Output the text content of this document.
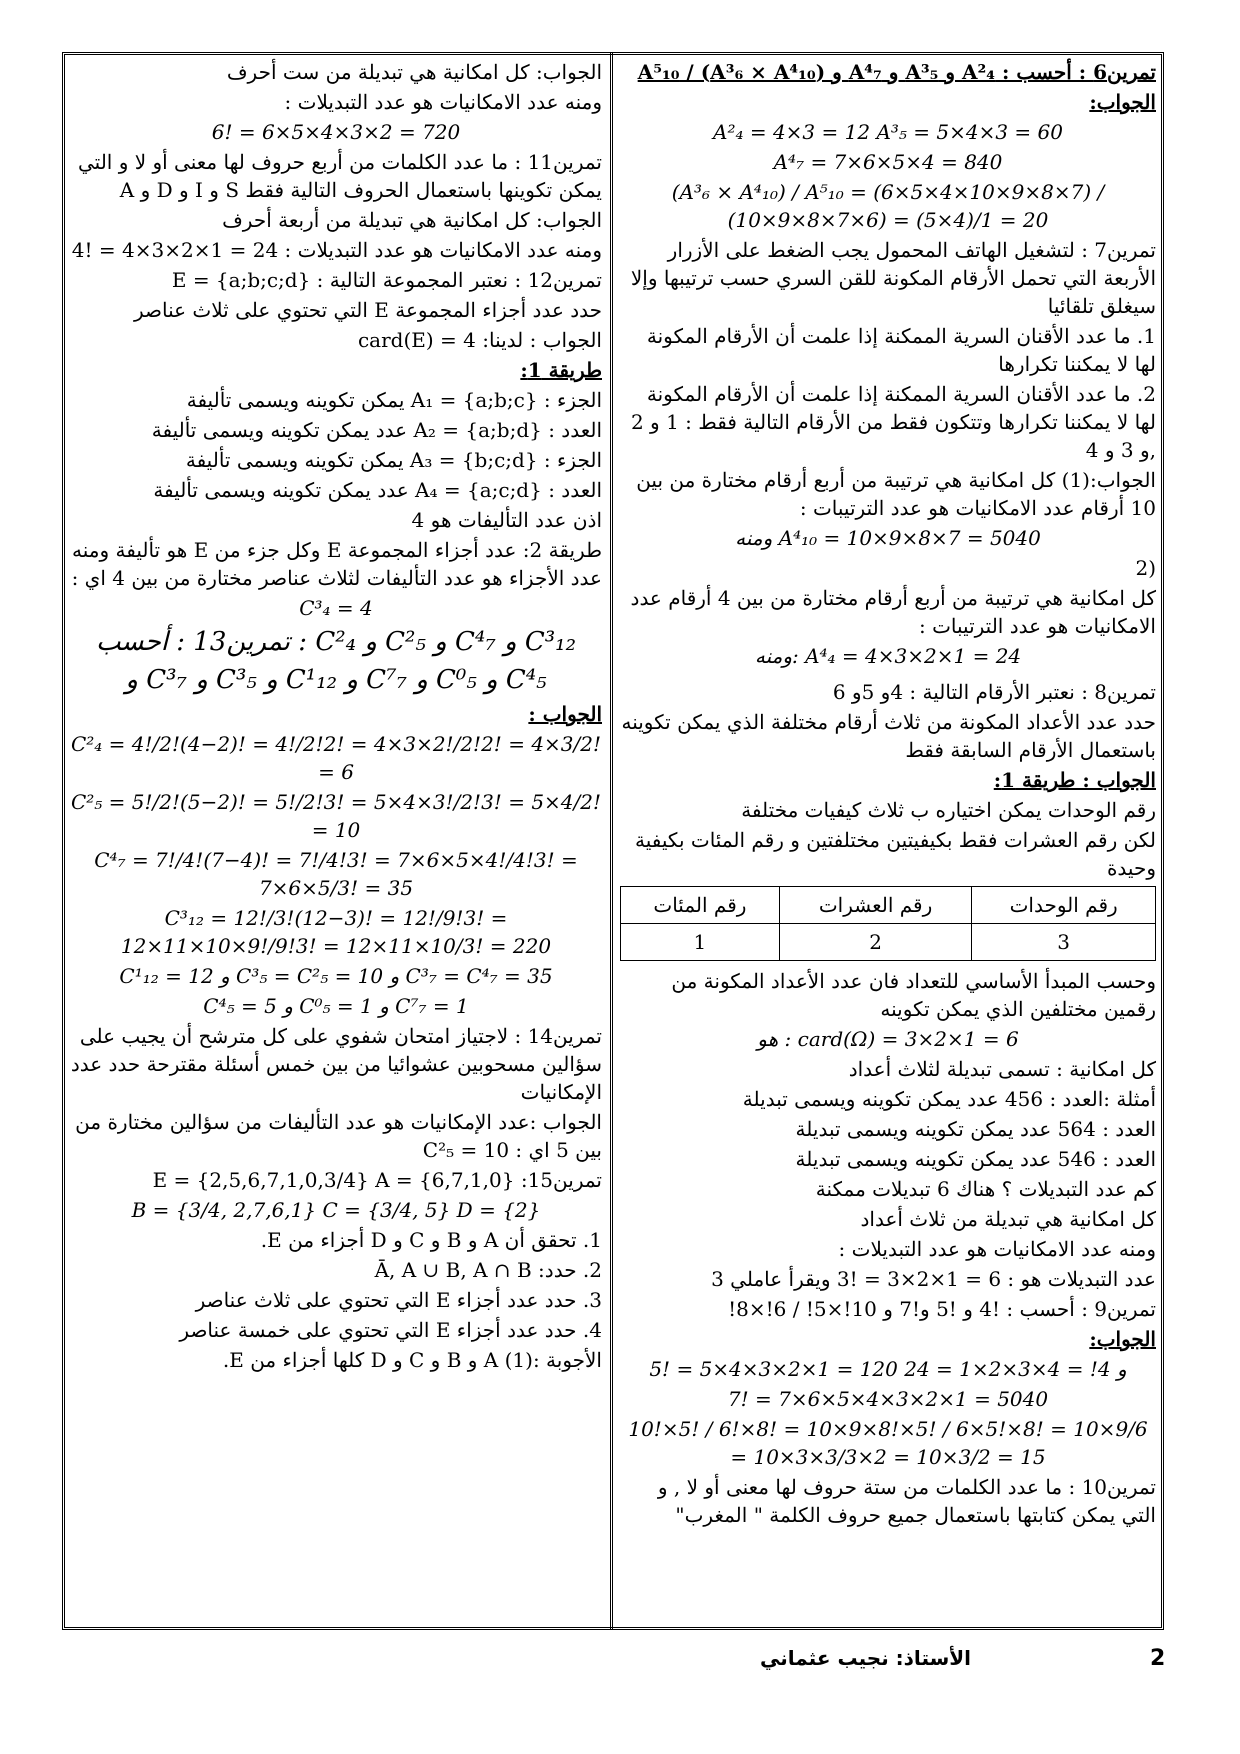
تمرين6 : أحسب : A²₄ و A³₅ و A⁴₇ و (A³₆ × A⁴₁₀) / A⁵₁₀

الجواب:

A²₄ = 4×3 = 12 A³₅ = 5×4×3 = 60

A⁴₇ = 7×6×5×4 = 840

(A³₆ × A⁴₁₀) / A⁵₁₀ = (6×5×4×10×9×8×7) / (10×9×8×7×6) = (5×4)/1 = 20

تمرين7 : لتشغيل الهاتف المحمول يجب الضغط على الأزرار الأربعة التي تحمل الأرقام المكونة للقن السري حسب ترتيبها وإلا سيغلق تلقائيا

1. ما عدد الأقنان السرية الممكنة إذا علمت أن الأرقام المكونة لها لا يمكننا تكرارها

2. ما عدد الأقنان السرية الممكنة إذا علمت أن الأرقام المكونة لها لا يمكننا تكرارها وتتكون فقط من الأرقام التالية فقط : 1 و 2 ,و 3 و 4

الجواب:(1) كل امكانية هي ترتيبة من أربع أرقام مختارة من بين 10 أرقام عدد الامكانيات هو عدد الترتيبات :

ومنه A⁴₁₀ = 10×9×8×7 = 5040

(2

كل امكانية هي ترتيبة من أربع أرقام مختارة من بين 4 أرقام عدد الامكانيات هو عدد الترتيبات :

ومنه: A⁴₄ = 4×3×2×1 = 24

تمرين8 : نعتبر الأرقام التالية : 4و 5و 6

حدد عدد الأعداد المكونة من ثلاث أرقام مختلفة الذي يمكن تكوينه باستعمال الأرقام السابقة فقط

الجواب : طريقة 1:

رقم الوحدات يمكن اختياره ب ثلاث كيفيات مختلفة

لكن رقم العشرات فقط بكيفيتين مختلفتين و رقم المئات بكيفية وحيدة

رقم الوحدات	رقم العشرات	رقم المئات
3	2	1

وحسب المبدأ الأساسي للتعداد فان عدد الأعداد المكونة من رقمين مختلفين الذي يمكن تكوينه

هو : card(Ω) = 3×2×1 = 6

كل امكانية : تسمى تبديلة لثلاث أعداد

أمثلة :العدد : 456 عدد يمكن تكوينه ويسمى تبديلة

العدد : 564 عدد يمكن تكوينه ويسمى تبديلة

العدد : 546 عدد يمكن تكوينه ويسمى تبديلة

كم عدد التبديلات ؟ هناك 6 تبديلات ممكنة

كل امكانية هي تبديلة من ثلاث أعداد

ومنه عدد الامكانيات هو عدد التبديلات :

عدد التبديلات هو : 6 = 1×2×3 = !3 ويقرأ عاملي 3

تمرين9 : أحسب : !4 و !5 و!7 و 10!×5! / 6!×8!

الجواب:

5! = 5×4×3×2×1 = 120 و 4! = 4×3×2×1 = 24

7! = 7×6×5×4×3×2×1 = 5040

10!×5! / 6!×8! = 10×9×8!×5! / 6×5!×8! = 10×9/6 = 10×3×3/3×2 = 10×3/2 = 15

تمرين10 : ما عدد الكلمات من ستة حروف لها معنى أو لا , و التي يمكن كتابتها باستعمال جميع حروف الكلمة " المغرب"

الجواب: كل امكانية هي تبديلة من ست أحرف

ومنه عدد الامكانيات هو عدد التبديلات :

6! = 6×5×4×3×2 = 720

تمرين11 : ما عدد الكلمات من أربع حروف لها معنى أو لا و التي يمكن تكوينها باستعمال الحروف التالية فقط S و I و D و A

الجواب: كل امكانية هي تبديلة من أربعة أحرف

ومنه عدد الامكانيات هو عدد التبديلات : 24 = 1×2×3×4 = !4

تمرين12 : نعتبر المجموعة التالية : E = {a;b;c;d}

حدد عدد أجزاء المجموعة E التي تحتوي على ثلاث عناصر

الجواب : لدينا: card(E) = 4

طريقة 1:

الجزء : A₁ = {a;b;c} يمكن تكوينه ويسمى تأليفة

العدد : A₂ = {a;b;d} عدد يمكن تكوينه ويسمى تأليفة

الجزء : A₃ = {b;c;d} يمكن تكوينه ويسمى تأليفة

العدد : A₄ = {a;c;d} عدد يمكن تكوينه ويسمى تأليفة

اذن عدد التأليفات هو 4

طريقة 2: عدد أجزاء المجموعة E وكل جزء من E هو تأليفة ومنه عدد الأجزاء هو عدد التأليفات لثلاث عناصر مختارة من بين 4 اي :

C³₄ = 4

تمرين13 : أحسب : C²₄ و C²₅ و C⁴₇ و C³₁₂

و C³₇ و C³₅ و C¹₁₂ و C⁷₇ و C⁰₅ و C⁴₅

الجواب :

C²₄ = 4!/2!(4−2)! = 4!/2!2! = 4×3×2!/2!2! = 4×3/2! = 6

C²₅ = 5!/2!(5−2)! = 5!/2!3! = 5×4×3!/2!3! = 5×4/2! = 10

C⁴₇ = 7!/4!(7−4)! = 7!/4!3! = 7×6×5×4!/4!3! = 7×6×5/3! = 35

C³₁₂ = 12!/3!(12−3)! = 12!/9!3! = 12×11×10×9!/9!3! = 12×11×10/3! = 220

C¹₁₂ = 12 و C³₅ = C²₅ = 10 و C³₇ = C⁴₇ = 35

C⁴₅ = 5 و C⁰₅ = 1 و C⁷₇ = 1

تمرين14 : لاجتياز امتحان شفوي على كل مترشح أن يجيب على سؤالين مسحوبين عشوائيا من بين خمس أسئلة مقترحة حدد عدد الإمكانيات

الجواب :عدد الإمكانيات هو عدد التأليفات من سؤالين مختارة من بين 5 اي : C²₅ = 10

تمرين15: E = {2,5,6,7,1,0,3/4} A = {6,7,1,0}

B = {3/4, 2,7,6,1} C = {3/4, 5} D = {2}

1. تحقق أن A و B و C و D أجزاء من E.

2. حدد: Ā, A ∪ B, A ∩ B

3. حدد عدد أجزاء E التي تحتوي على ثلاث عناصر

4. حدد عدد أجزاء E التي تحتوي على خمسة عناصر

الأجوبة :(1) A و B و C و D كلها أجزاء من E.

2
الأستاذ: نجيب عثماني
